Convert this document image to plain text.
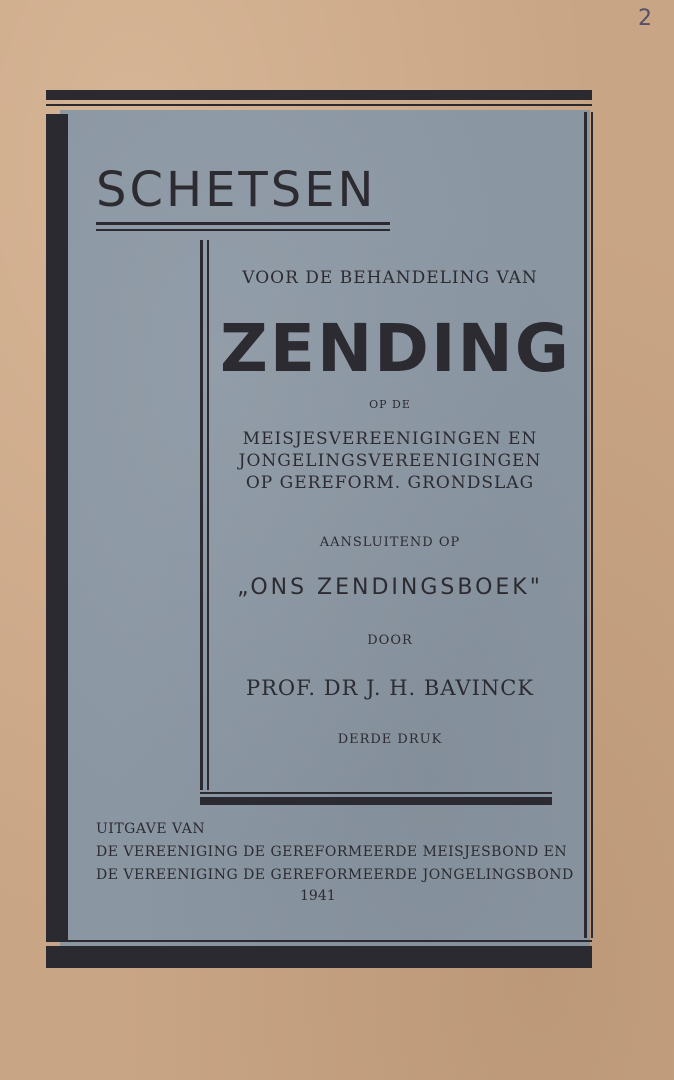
2
SCHETSEN
VOOR DE BEHANDELING VAN
ZENDING
OP DE
MEISJESVEREENIGINGEN EN
JONGELINGSVEREENIGINGEN
OP GEREFORM. GRONDSLAG
AANSLUITEND OP
„ONS ZENDINGSBOEK"
DOOR
PROF. DR J. H. BAVINCK
DERDE DRUK
UITGAVE VAN
DE VEREENIGING DE GEREFORMEERDE MEISJESBOND EN
DE VEREENIGING DE GEREFORMEERDE JONGELINGSBOND
1941
